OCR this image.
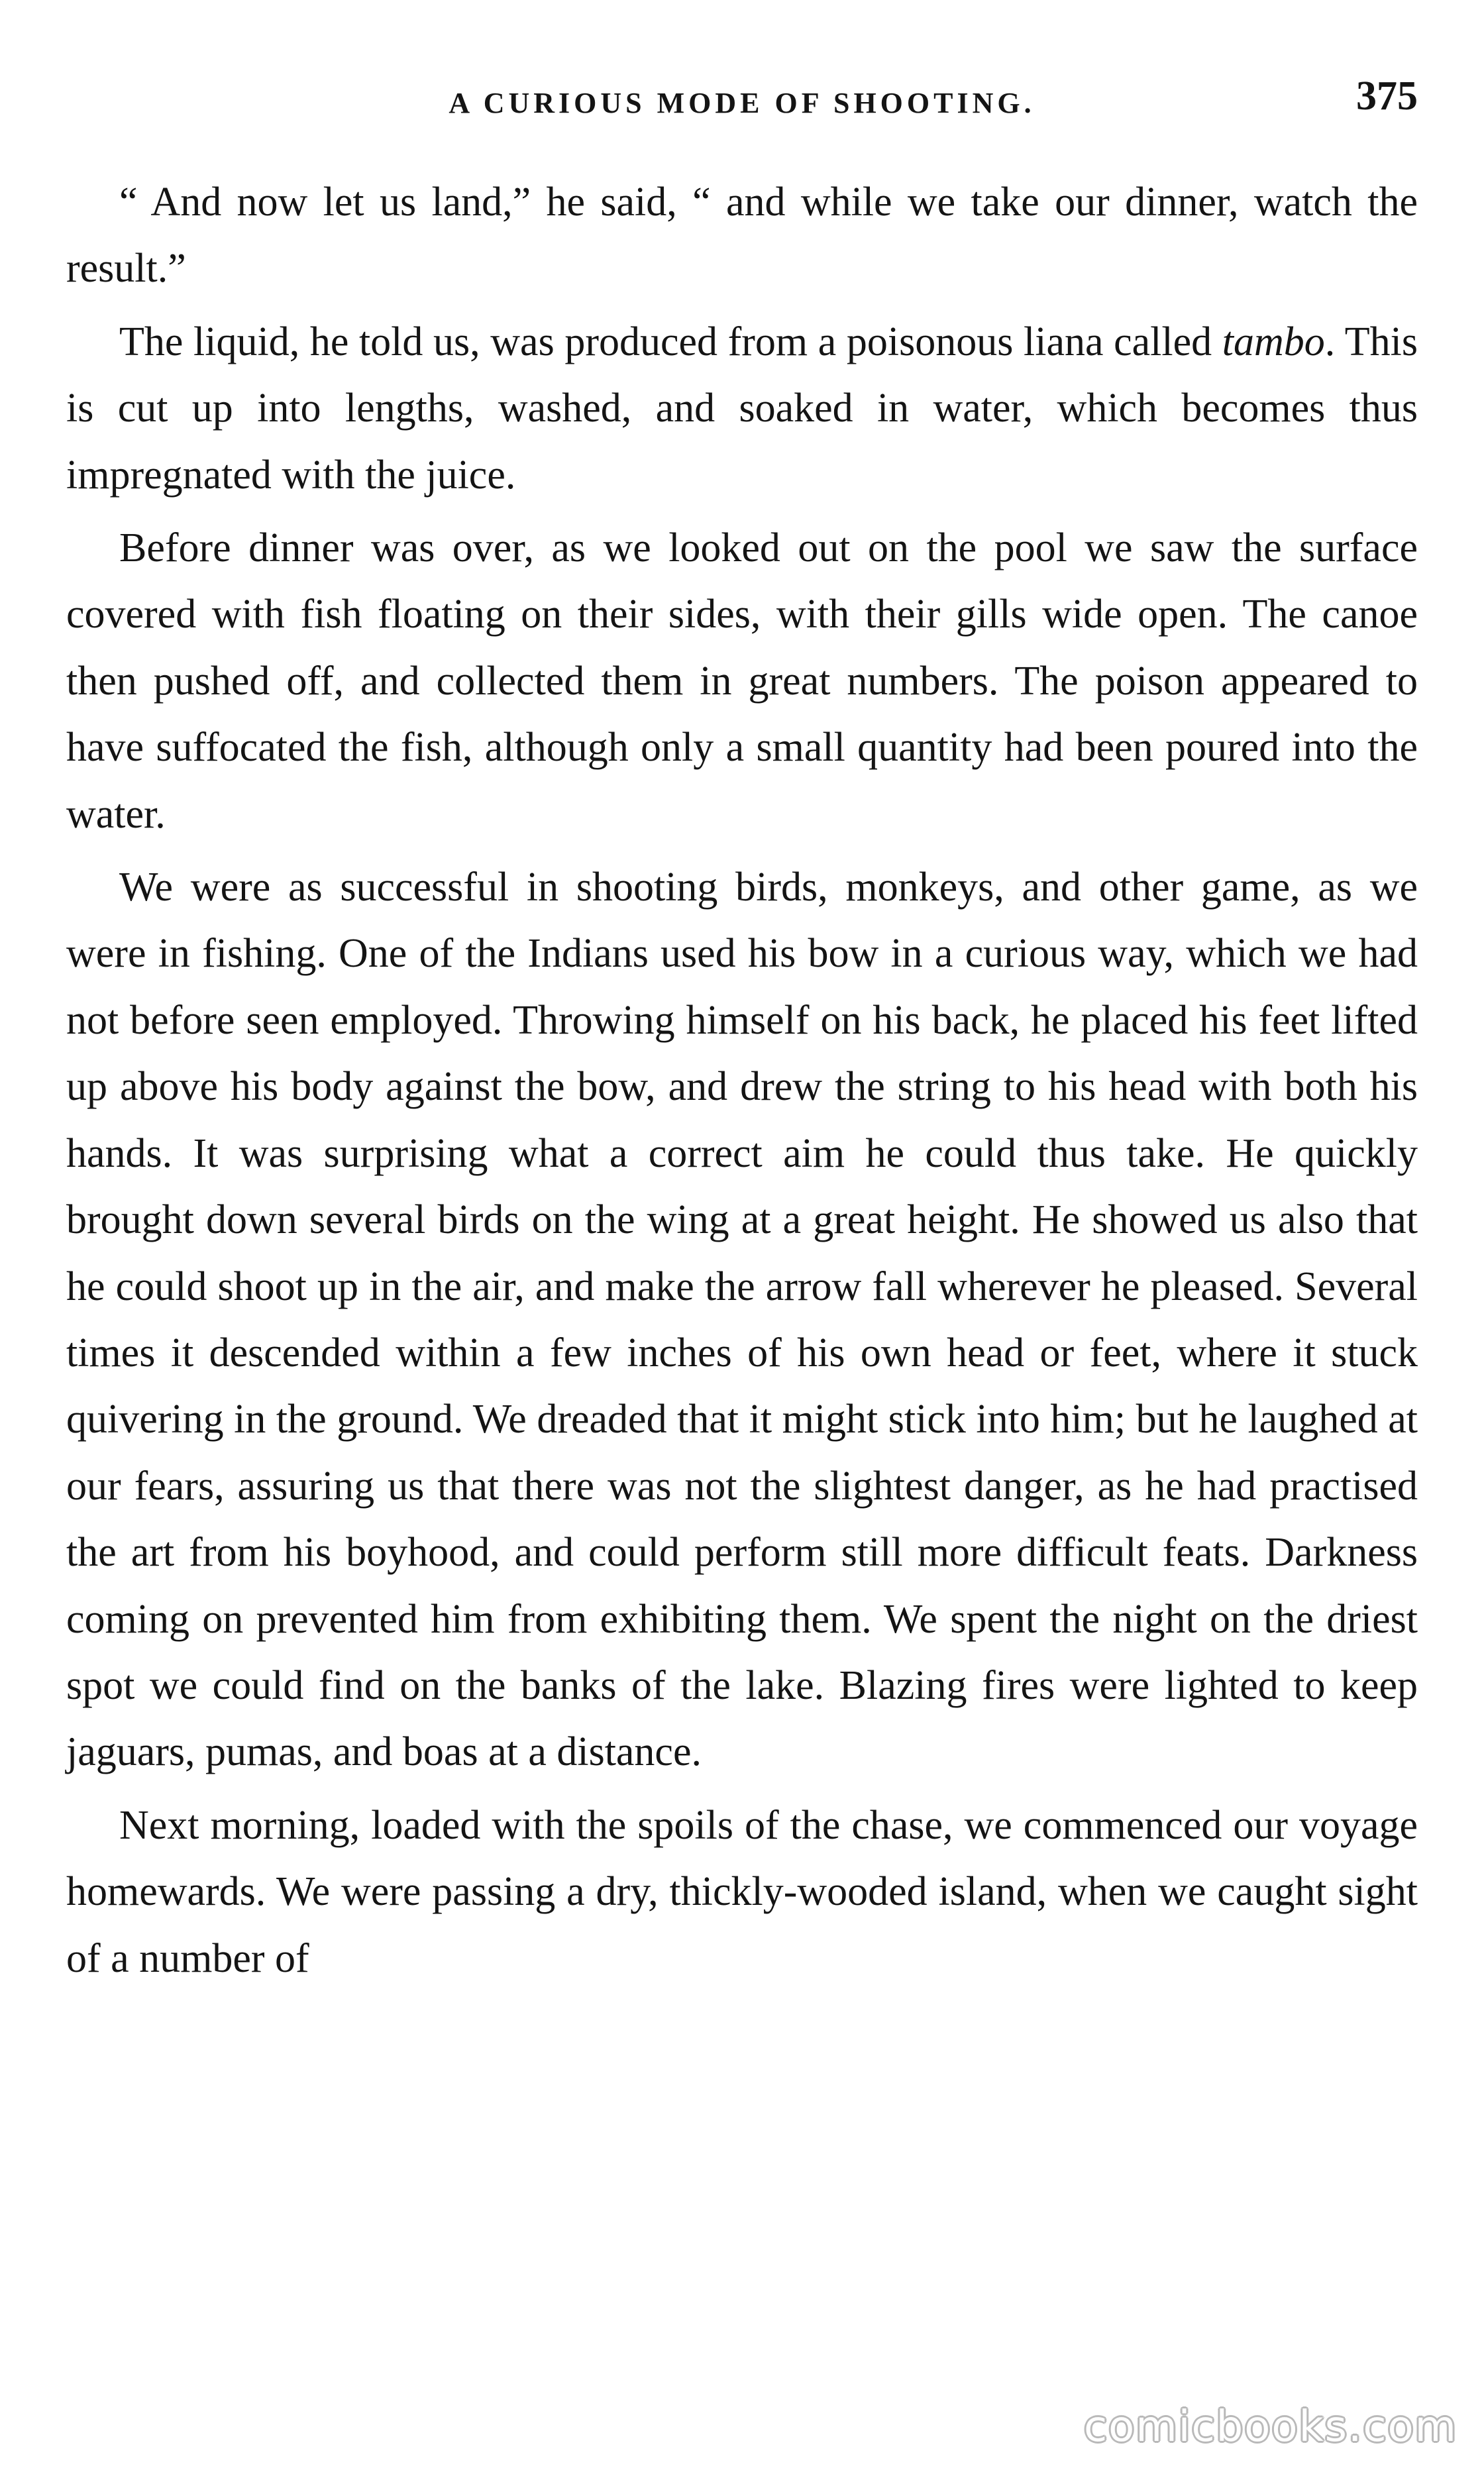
A CURIOUS MODE OF SHOOTING.	375

“ And now let us land,” he said, “ and while we take our dinner, watch the result.”

The liquid, he told us, was produced from a poisonous liana called tambo. This is cut up into lengths, washed, and soaked in water, which becomes thus impregnated with the juice.

Before dinner was over, as we looked out on the pool we saw the surface covered with fish floating on their sides, with their gills wide open. The canoe then pushed off, and collected them in great numbers. The poison appeared to have suffocated the fish, although only a small quantity had been poured into the water.

We were as successful in shooting birds, monkeys, and other game, as we were in fishing. One of the Indians used his bow in a curious way, which we had not before seen employed. Throwing himself on his back, he placed his feet lifted up above his body against the bow, and drew the string to his head with both his hands. It was surprising what a correct aim he could thus take. He quickly brought down several birds on the wing at a great height. He showed us also that he could shoot up in the air, and make the arrow fall wherever he pleased. Several times it descended within a few inches of his own head or feet, where it stuck quivering in the ground. We dreaded that it might stick into him; but he laughed at our fears, assuring us that there was not the slightest danger, as he had practised the art from his boyhood, and could perform still more difficult feats. Darkness coming on prevented him from exhibiting them. We spent the night on the driest spot we could find on the banks of the lake. Blazing fires were lighted to keep jaguars, pumas, and boas at a distance.

Next morning, loaded with the spoils of the chase, we commenced our voyage homewards. We were passing a dry, thickly-wooded island, when we caught sight of a number of

comicbooks.com
